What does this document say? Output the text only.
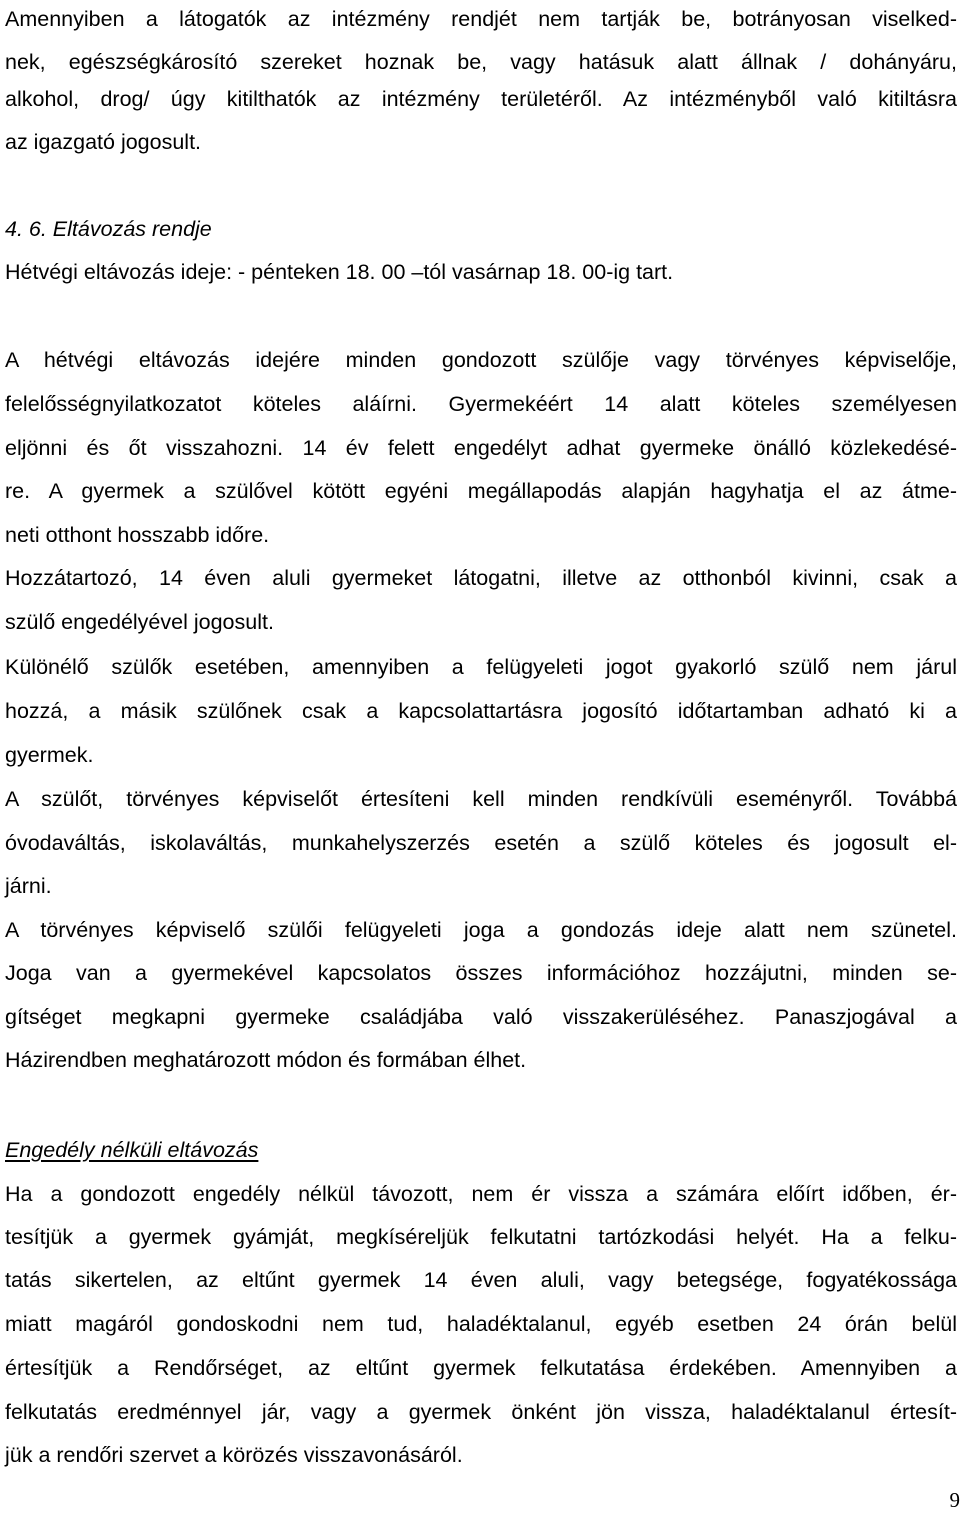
Amennyiben a látogatók az intézmény rendjét nem tartják be, botrányosan viselked-
nek, egészségkárosító szereket hoznak be, vagy hatásuk alatt állnak / dohányáru,
alkohol, drog/ úgy kitilthatók az intézmény területéről. Az intézményből való kitiltásra
az igazgató jogosult.
4. 6. Eltávozás rendje
Hétvégi eltávozás ideje: - pénteken 18. 00 –tól vasárnap 18. 00-ig tart.
A hétvégi eltávozás idejére minden gondozott szülője vagy törvényes képviselője,
felelősségnyilatkozatot köteles aláírni. Gyermekéért 14 alatt köteles személyesen
eljönni és őt visszahozni. 14 év felett engedélyt adhat gyermeke önálló közlekedésé-
re. A gyermek a szülővel kötött egyéni megállapodás alapján hagyhatja el az átme-
neti otthont hosszabb időre.
Hozzátartozó, 14 éven aluli gyermeket látogatni, illetve az otthonból kivinni, csak a
szülő engedélyével jogosult.
Különélő szülők esetében, amennyiben a felügyeleti jogot gyakorló szülő nem járul
hozzá, a másik szülőnek csak a kapcsolattartásra jogosító időtartamban adható ki a
gyermek.
A szülőt, törvényes képviselőt értesíteni kell minden rendkívüli eseményről. Továbbá
óvodaváltás, iskolaváltás, munkahelyszerzés esetén a szülő köteles és jogosult el-
járni.
A törvényes képviselő szülői felügyeleti joga a gondozás ideje alatt nem szünetel.
Joga van a gyermekével kapcsolatos összes információhoz hozzájutni, minden se-
gítséget megkapni gyermeke családjába való visszakerüléséhez. Panaszjogával a
Házirendben meghatározott módon és formában élhet.
Engedély nélküli eltávozás
Ha a gondozott engedély nélkül távozott, nem ér vissza a számára előírt időben, ér-
tesítjük a gyermek gyámját, megkíséreljük felkutatni tartózkodási helyét. Ha a felku-
tatás sikertelen, az eltűnt gyermek 14 éven aluli, vagy betegsége, fogyatékossága
miatt magáról gondoskodni nem tud, haladéktalanul, egyéb esetben 24 órán belül
értesítjük a Rendőrséget, az eltűnt gyermek felkutatása érdekében. Amennyiben a
felkutatás eredménnyel jár, vagy a gyermek önként jön vissza, haladéktalanul értesít-
jük a rendőri szervet a körözés visszavonásáról.
9
